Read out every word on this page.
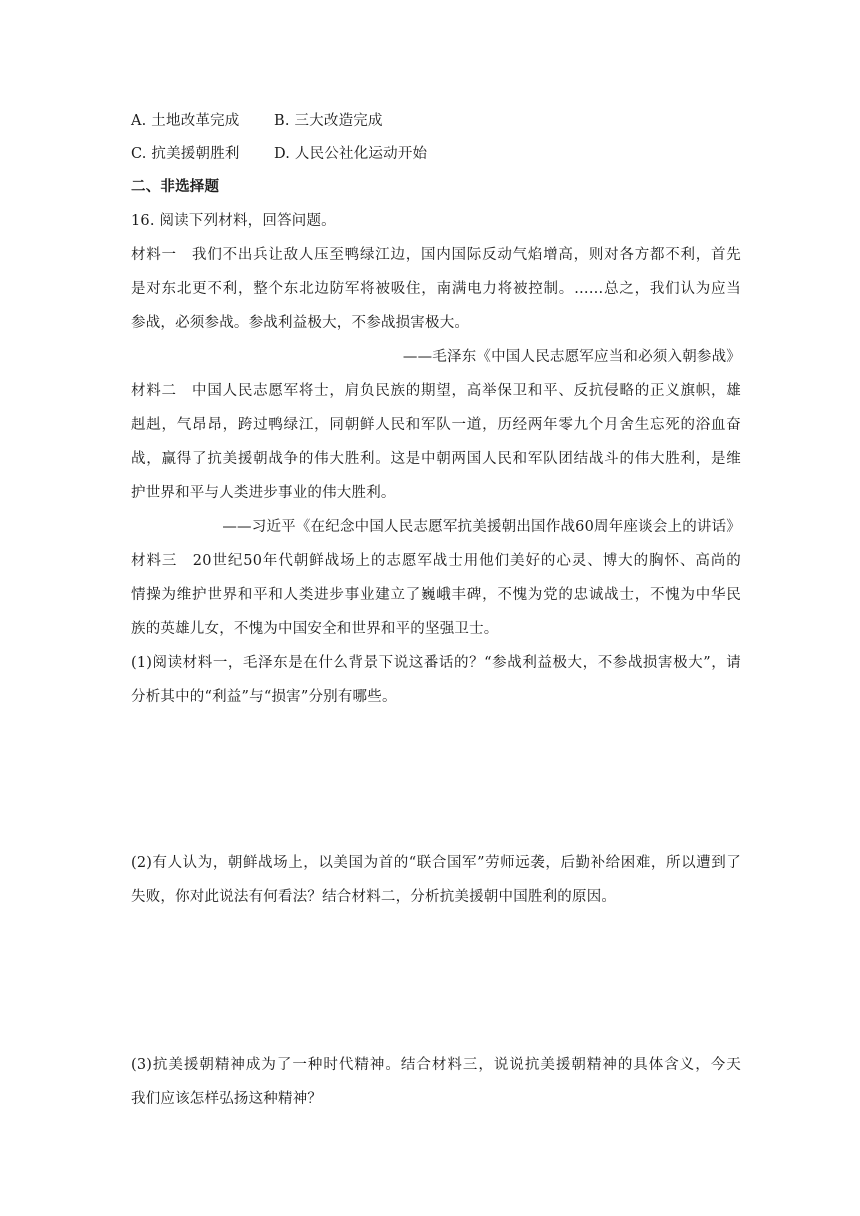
A. 土地改革完成 B. 三大改造完成
C. 抗美援朝胜利 D. 人民公社化运动开始
二、非选择题
16. 阅读下列材料，回答问题。
材料一　我们不出兵让敌人压至鸭绿江边，国内国际反动气焰增高，则对各方都不利，首先
是对东北更不利，整个东北边防军将被吸住，南满电力将被控制。……总之，我们认为应当
参战，必须参战。参战利益极大，不参战损害极大。
——毛泽东《中国人民志愿军应当和必须入朝参战》
材料二　中国人民志愿军将士，肩负民族的期望，高举保卫和平、反抗侵略的正义旗帜，雄
赳赳，气昂昂，跨过鸭绿江，同朝鲜人民和军队一道，历经两年零九个月舍生忘死的浴血奋
战，赢得了抗美援朝战争的伟大胜利。这是中朝两国人民和军队团结战斗的伟大胜利，是维
护世界和平与人类进步事业的伟大胜利。
——习近平《在纪念中国人民志愿军抗美援朝出国作战60周年座谈会上的讲话》
材料三　20世纪50年代朝鲜战场上的志愿军战士用他们美好的心灵、博大的胸怀、高尚的
情操为维护世界和平和人类进步事业建立了巍峨丰碑，不愧为党的忠诚战士，不愧为中华民
族的英雄儿女，不愧为中国安全和世界和平的坚强卫士。
(1)阅读材料一，毛泽东是在什么背景下说这番话的？“参战利益极大，不参战损害极大”，请
分析其中的“利益”与“损害”分别有哪些。
(2)有人认为，朝鲜战场上，以美国为首的“联合国军”劳师远袭，后勤补给困难，所以遭到了
失败，你对此说法有何看法？结合材料二，分析抗美援朝中国胜利的原因。
(3)抗美援朝精神成为了一种时代精神。结合材料三，说说抗美援朝精神的具体含义，今天
我们应该怎样弘扬这种精神？
